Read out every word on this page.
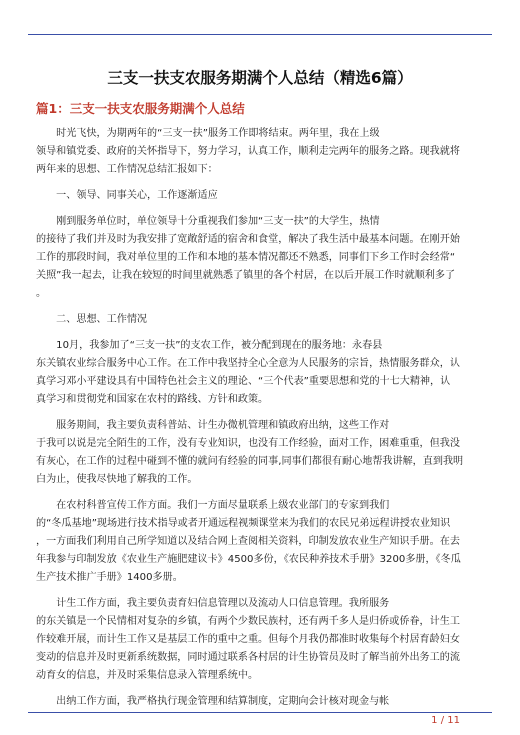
三支一扶支农服务期满个人总结（精选6篇）
篇1：三支一扶支农服务期满个人总结

　　时光飞快，为期两年的“三支一扶”服务工作即将结束。两年里，我在上级
领导和镇党委、政府的关怀指导下，努力学习，认真工作，顺利走完两年的服务之路。现我就将
两年来的思想、工作情况总结汇报如下：

　　一、领导、同事关心，工作逐渐适应

　　刚到服务单位时，单位领导十分重视我们参加“三支一扶”的大学生，热情
的接待了我们并及时为我安排了宽敞舒适的宿舍和食堂，解决了我生活中最基本问题。在刚开始
工作的那段时间，我对单位里的工作和本地的基本情况都还不熟悉，同事们下乡工作时会经常“
关照”我一起去，让我在较短的时间里就熟悉了镇里的各个村居，在以后开展工作时就顺利多了
。

　　二、思想、工作情况

　　10月，我参加了“三支一扶”的支农工作，被分配到现在的服务地：永春县
东关镇农业综合服务中心工作。在工作中我坚持全心全意为人民服务的宗旨，热情服务群众，认
真学习邓小平建设具有中国特色社会主义的理论、“三个代表”重要思想和党的十七大精神，认
真学习和贯彻党和国家在农村的路线、方针和政策。

　　服务期间，我主要负责科普站、计生办微机管理和镇政府出纳，这些工作对
于我可以说是完全陌生的工作，没有专业知识，也没有工作经验，面对工作，困难重重，但我没
有灰心，在工作的过程中碰到不懂的就问有经验的同事,同事们都很有耐心地帮我讲解，直到我明
白为止，使我尽快地了解我的工作。

　　在农村科普宣传工作方面。我们一方面尽量联系上级农业部门的专家到我们
的“冬瓜基地”现场进行技术指导或者开通远程视频课堂来为我们的农民兄弟远程讲授农业知识
，一方面我们利用自己所学知道以及结合网上查阅相关资料，印制发放农业生产知识手册。在去
年我参与印制发放《农业生产施肥建议卡》4500多份，《农民种养技术手册》3200多册，《冬瓜
生产技术推广手册》1400多册。

　　计生工作方面，我主要负责育妇信息管理以及流动人口信息管理。我所服务
的东关镇是一个民情相对复杂的乡镇，有两个少数民族村，还有两千多人是归侨或侨眷，计生工
作较难开展，而计生工作又是基层工作的重中之重。但每个月我仍都准时收集每个村居育龄妇女
变动的信息并及时更新系统数据，同时通过联系各村居的计生协管员及时了解当前外出务工的流
动育女的信息，并及时采集信息录入管理系统中。

　　出纳工作方面，我严格执行现金管理和结算制度，定期向会计核对现金与帐

1 / 11
